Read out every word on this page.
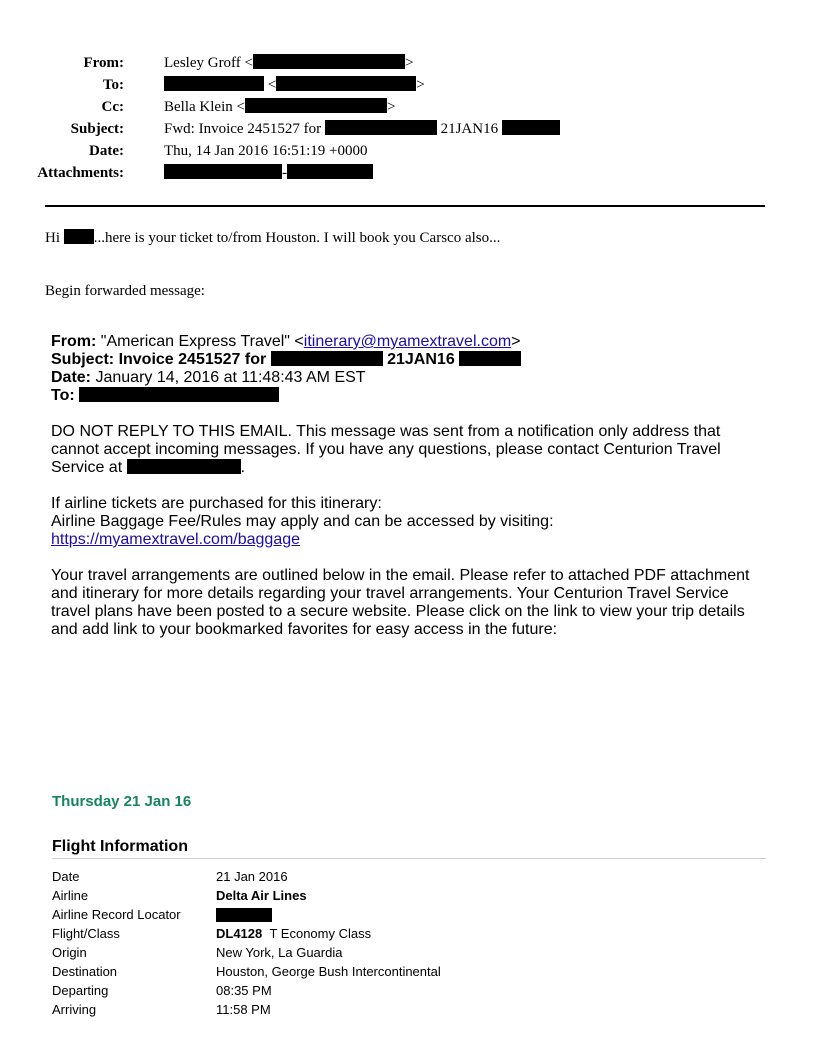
From:	Lesley Groff <	>
To:	<	>
Cc:	Bella Klein <	>
Subject:	Fwd: Invoice 2451527 for	21JAN16
Date:	Thu, 14 Jan 2016 16:51:19 +0000
Attachments:	-
Hi ...here is your ticket to/from Houston. I will book you Carsco also...
Begin forwarded message:
From: "American Express Travel" <itinerary@myamextravel.com>
Subject: Invoice 2451527 for	21JAN16
Date: January 14, 2016 at 11:48:43 AM EST
To:
DO NOT REPLY TO THIS EMAIL. This message was sent from a notification only address that
cannot accept incoming messages. If you have any questions, please contact Centurion Travel
Service at	.
If airline tickets are purchased for this itinerary:
Airline Baggage Fee/Rules may apply and can be accessed by visiting:
https://myamextravel.com/baggage
Your travel arrangements are outlined below in the email. Please refer to attached PDF attachment
and itinerary for more details regarding your travel arrangements. Your Centurion Travel Service
travel plans have been posted to a secure website. Please click on the link to view your trip details
and add link to your bookmarked favorites for easy access in the future:
Thursday 21 Jan 16
Flight Information
Date	21 Jan 2016
Airline	Delta Air Lines
Airline Record Locator
Flight/Class	DL4128 T Economy Class
Origin	New York, La Guardia
Destination	Houston, George Bush Intercontinental
Departing	08:35 PM
Arriving	11:58 PM
